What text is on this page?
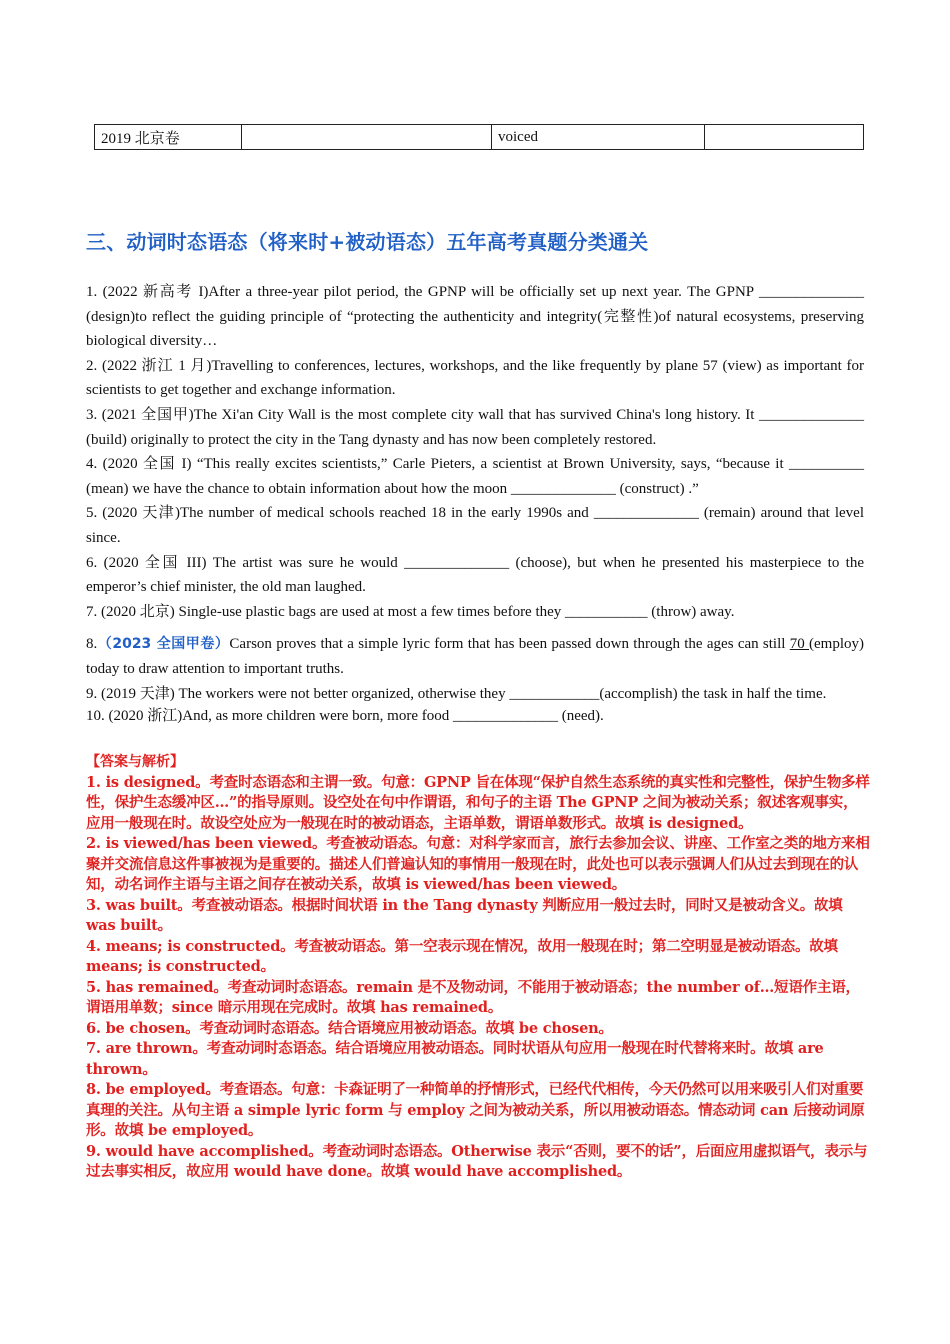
2019 北京卷		voiced	
三、动词时态语态（将来时+被动语态）五年高考真题分类通关

1. (2022 新高考 I)After a three-year pilot period, the GPNP will be officially set up next year. The GPNP ______________ (design)to reflect the guiding principle of “protecting the authenticity and integrity(完整性)of natural ecosystems, preserving biological diversity…

2. (2022 浙江 1 月)Travelling to conferences, lectures, workshops, and the like frequently by plane 57 (view) as important for scientists to get together and exchange information.

3. (2021 全国甲)The Xi'an City Wall is the most complete city wall that has survived China's long history. It ______________ (build) originally to protect the city in the Tang dynasty and has now been completely restored.

4. (2020 全国 I) “This really excites scientists,” Carle Pieters, a scientist at Brown University, says, “because it __________ (mean) we have the chance to obtain information about how the moon ______________ (construct) .”

5. (2020 天津)The number of medical schools reached 18 in the early 1990s and ______________ (remain) around that level since.

6. (2020 全国 III) The artist was sure he would ______________ (choose), but when he presented his masterpiece to the emperor’s chief minister, the old man laughed.

7. (2020 北京) Single-use plastic bags are used at most a few times before they ___________ (throw) away.

8.（2023 全国甲卷）Carson proves that a simple lyric form that has been passed down through the ages can still 70 (employ) today to draw attention to important truths.

9. (2019 天津) The workers were not better organized, otherwise they ____________(accomplish) the task in half the time.

10. (2020 浙江)And, as more children were born, more food ______________ (need).

【答案与解析】

1. is designed。考查时态语态和主谓一致。句意：GPNP 旨在体现“保护自然生态系统的真实性和完整性，保护生物多样性，保护生态缓冲区…”的指导原则。设空处在句中作谓语，和句子的主语 The GPNP 之间为被动关系；叙述客观事实，应用一般现在时。故设空处应为一般现在时的被动语态，主语单数，谓语单数形式。故填 is designed。

2. is viewed/has been viewed。考查被动语态。句意：对科学家而言，旅行去参加会议、讲座、工作室之类的地方来相聚并交流信息这件事被视为是重要的。描述人们普遍认知的事情用一般现在时，此处也可以表示强调人们从过去到现在的认知，动名词作主语与主语之间存在被动关系，故填 is viewed/has been viewed。

3. was built。考查被动语态。根据时间状语 in the Tang dynasty 判断应用一般过去时，同时又是被动含义。故填 was built。

4. means; is constructed。考查被动语态。第一空表示现在情况，故用一般现在时；第二空明显是被动语态。故填 means; is constructed。

5. has remained。考查动词时态语态。remain 是不及物动词，不能用于被动语态；the number of…短语作主语，谓语用单数；since 暗示用现在完成时。故填 has remained。

6. be chosen。考查动词时态语态。结合语境应用被动语态。故填 be chosen。

7. are thrown。考查动词时态语态。结合语境应用被动语态。同时状语从句应用一般现在时代替将来时。故填 are thrown。

8. be employed。考查语态。句意：卡森证明了一种简单的抒情形式，已经代代相传，今天仍然可以用来吸引人们对重要真理的关注。从句主语 a simple lyric form 与 employ 之间为被动关系，所以用被动语态。情态动词 can 后接动词原形。故填 be employed。

9. would have accomplished。考查动词时态语态。Otherwise 表示“否则，要不的话”，后面应用虚拟语气，表示与过去事实相反，故应用 would have done。故填 would have accomplished。
